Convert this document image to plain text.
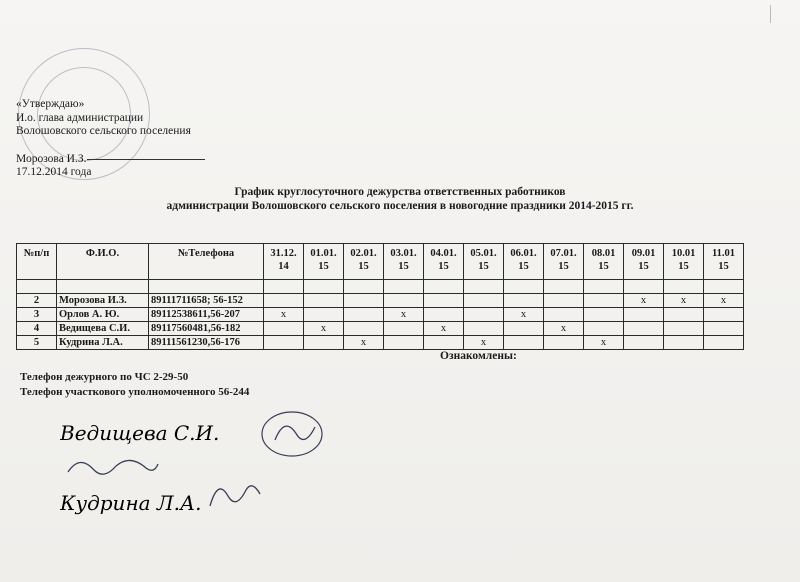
«Утверждаю»
И.о. глава администрации
Волошовского сельского поселения
Морозова И.З.
17.12.2014 года
График круглосуточного дежурства ответственных работников
администрации Волошовского сельского поселения в новогодние праздники 2014-2015 гг.
№п/п	Ф.И.О.	№Телефона	31.12. 14	01.01. 15	02.01. 15	03.01. 15	04.01. 15	05.01. 15	06.01. 15	07.01. 15	08.01 15	09.01 15	10.01 15	11.01 15

2	Морозова И.З.	89111711658; 56-152										x	x	x
3	Орлов А. Ю.	89112538611,56-207	x			x			x					
4	Ведищева С.И.	89117560481,56-182		x			x			x				
5	Кудрина Л.А.	89111561230,56-176			x			x			x			
Ознакомлены:
Телефон дежурного по ЧС 2-29-50
Телефон участкового уполномоченного 56-244
Ведищева С.И.
Кудрина Л.А.
